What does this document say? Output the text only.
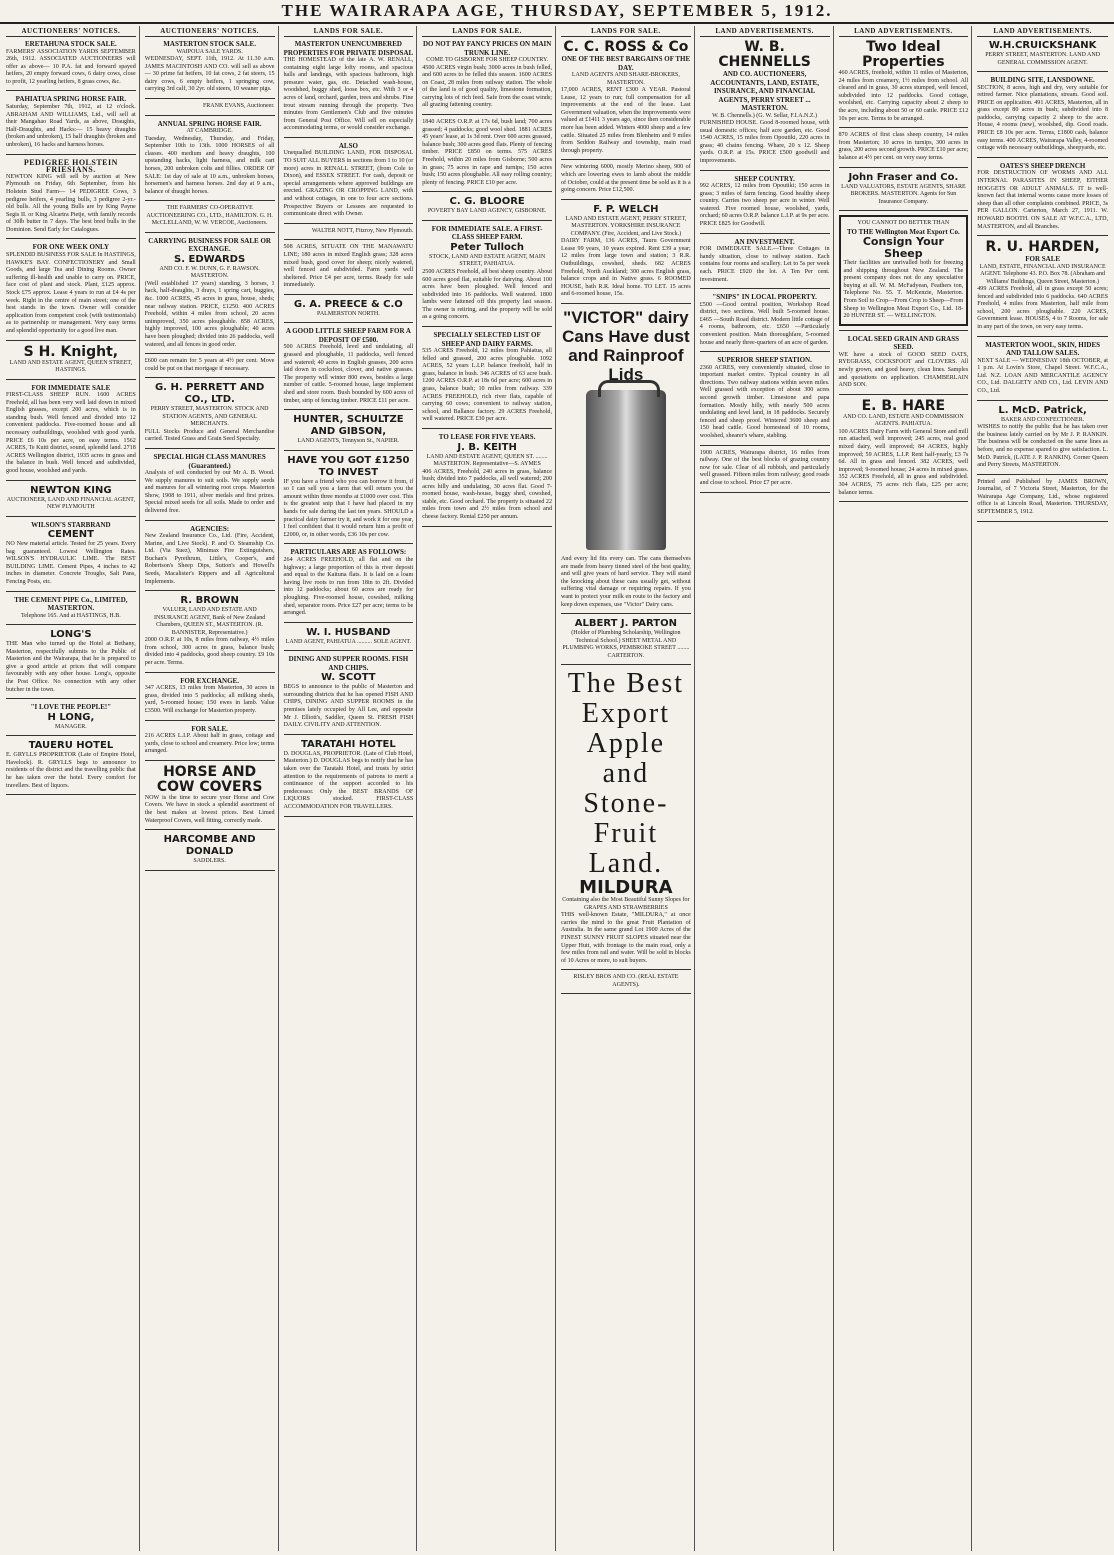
THE WAIRARAPA AGE, THURSDAY, SEPTEMBER 5, 1912.
AUCTIONEERS' NOTICES.
ERETAHUNA STOCK SALE.
FARMERS' ASSOCIATION YARDS SEPTEMBER 26th, 1912. ASSOCIATED AUCTIONEERS will offer as above— 10 P.A. fat and forward spayed heifers, 20 empty forward cows, 6 dairy cows, close to profit, 12 yearling heifers, 8 grass cows, &c.
PAHIATUA SPRING HORSE FAIR.
Saturday, September 7th, 1912, at 12 o'clock. ABRAHAM AND WILLIAMS, Ltd., will sell at their Mangahao Road Yards, as above, Draughts, Half-Draughts, and Hacks:— 15 heavy draughts (broken and unbroken), 15 half draughts (broken and unbroken), 16 hacks and harness horses.
PEDIGREE HOLSTEIN FRIESIANS.
NEWTON KING will sell by auction at New Plymouth on Friday, 6th September, from his Holstein Stud Farm— 14 PEDIGREE Cows, 3 pedigree heifers, 4 yearling bulls, 3 pedigree 2-yr.-old bulls. All the young Bulls are by King Payne Segis II. or King Alcartra Pietje, with family records of 30lb butter in 7 days. The best bred bulls in the Dominion. Send Early for Catalogues.
FOR ONE WEEK ONLY
SPLENDID BUSINESS FOR SALE In HASTINGS, HAWKE'S BAY. CONFECTIONERY and Small Goods, and large Tea and Dining Rooms. Owner suffering ill-health and unable to carry on. PRICE, face cost of plant and stock. Plant, £125 approx. Stock £75 approx. Lease 4 years to run at £4 4s per week. Right in the centre of main street; one of the best stands in the town. Owner will consider application from competent cook (with testimonials) as to partnership or management. Very easy terms and splendid opportunity for a good live man.
S H. Knight,
LAND AND ESTATE AGENT, QUEEN STREET, HASTINGS.
FOR IMMEDIATE SALE
FIRST-CLASS SHEEP RUN. 1600 ACRES Freehold, all has been very well laid down in mixed English grasses, except 200 acres, which is in standing bush. Well fenced and divided into 12 convenient paddocks. Five-roomed house and all necessary outbuildings, woolshed with good yards. PRICE £6 10s per acre, on easy terms. 1562 ACRES, Te Kuiti district, sound, splendid land. 2718 ACRES Wellington district, 1935 acres in grass and the balance in bush. Well fenced and subdivided, good house, woolshed and yards.
NEWTON KING
AUCTIONEER, LAND AND FINANCIAL AGENT, NEW PLYMOUTH
WILSON'S STARBRAND
CEMENT
NO New material article. Tested for 25 years. Every bag guaranteed. Lowest Wellington Rates. WILSON'S HYDRAULIC LIME. The BEST BUILDING LIME. Cement Pipes, 4 inches to 42 inches in diameter. Concrete Troughs, Salt Pans, Fencing Posts, etc.
THE CEMENT PIPE Co., LIMITED, MASTERTON.
Telephone 165. And at HASTINGS, H.B.
LONG'S
THE Man who turned up the Hotel at Bethany, Masterton, respectfully submits to the Public of Masterton and the Wairarapa, that he is prepared to give a good article at prices that will compare favourably with any other house. Long's, opposite the Post Office. No connection with any other butcher in the town.
"I LOVE THE PEOPLE!"
H LONG,
MANAGER.
TAUERU HOTEL
E. GRYLLS PROPRIETOR (Late of Empire Hotel, Havelock). R. GRYLLS begs to announce to residents of the district and the travelling public that he has taken over the hotel. Every comfort for travellers. Best of liquors.
AUCTIONEERS' NOTICES.
MASTERTON STOCK SALE.
WAIPOUA SALE YARDS.
WEDNESDAY, SEPT. 11th, 1912. At 11.30 a.m. JAMES MACINTOSH AND CO. will sell as above— 30 prime fat heifers, 10 fat cows, 2 fat steers, 15 dairy cows, 6 empty heifers, 1 springing cow, carrying 3rd calf, 30 2yr. old steers, 10 weaner pigs.
FRANK EVANS, Auctioneer.
ANNUAL SPRING HORSE FAIR.
AT CAMBRIDGE.
Tuesday, Wednesday, Thursday, and Friday, September 10th to 13th. 1000 HORSES of all classes. 400 medium and heavy draughts, 100 upstanding hacks, light harness, and milk cart horses, 200 unbroken colts and fillies. ORDER OF SALE: 1st day of sale at 10 a.m., unbroken horses, horsemen's and harness horses. 2nd day at 9 a.m., balance of draught horses.
THE FARMERS' CO-OPERATIVE AUCTIONEERING CO., LTD., HAMILTON. G. H. McCLELLAND, W. W. VERCOE, Auctioneers.
CARRYING BUSINESS FOR SALE OR EXCHANGE.
S. EDWARDS
AND CO. F. W. DUNN, G. F. RAWSON. MASTERTON.
(Well established 17 years) standing, 3 horses, 1 hack, half-draughts, 3 drays, 1 spring cart, buggies, &c. 1000 ACRES, 45 acres in grass, house, sheds; near railway station. PRICE, £1250. 400 ACRES Freehold, within 4 miles from school, 20 acres unimproved, 350 acres ploughable. 858 ACRES, highly improved, 100 acres ploughable; 40 acres have been ploughed; divided into 26 paddocks, well watered, and all fences in good order.
£600 can remain for 5 years at 4½ per cent. Move could be put on that mortgage if necessary.
G. H. PERRETT AND CO., LTD.
PERRY STREET, MASTERTON. STOCK AND STATION AGENTS, AND GENERAL MERCHANTS.
FULL Stocks Produce and General Merchandise carried. Tested Grass and Grain Seed Specialty.
SPECIAL HIGH CLASS MANURES (Guaranteed.)
Analysis of soil conducted by our Mr A. B. Wood. We supply manures to suit soils. We supply seeds and manures for all wintering root crops. Masterton Show, 1908 to 1911, silver medals and first prizes. Special mixed seeds for all soils. Made to order and delivered free.
AGENCIES:
New Zealand Insurance Co., Ltd. (Fire, Accident, Marine, and Live Stock). P. and O. Steamship Co. Ltd. (Via Suez), Minimax Fire Extinguishers, Buchan's Pyrethrum, Little's, Cooper's, and Robertson's Sheep Dips, Sutton's and Howell's Seeds, Macalister's Rippers and all Agricultural Implements.
R. BROWN
VALUER, LAND AND ESTATE AND INSURANCE AGENT, Bank of New Zealand Chambers, QUEEN ST., MASTERTON. (R. BANNISTER, Representative.)
2000 O.R.P. at 10s, 8 miles from railway, 4½ miles from school, 300 acres in grass, balance bush; divided into 4 paddocks, good sheep country. £9 10s per acre. Terms.
FOR EXCHANGE.
347 ACRES, 13 miles from Masterton, 30 acres in grass, divided into 5 paddocks; all milking sheds, yard, 5-roomed house; 150 ewes in lamb. Value £3500. Will exchange for Masterton property.
FOR SALE.
216 ACRES L.I.P. About half in grass, cottage and yards, close to school and creamery. Price low; terms arranged.
HORSE AND COW COVERS
NOW is the time to secure your Horse and Cow Covers. We have in stock a splendid assortment of the best makes at lowest prices. Best Limed Waterproof Covers, well fitting, correctly made.
HARCOMBE AND DONALD
SADDLERS.
LANDS FOR SALE.
MASTERTON UNENCUMBERED PROPERTIES FOR PRIVATE DISPOSAL
THE HOMESTEAD of the late A. W. RENALL, containing eight large lofty rooms, and spacious halls and landings, with spacious bathroom, high pressure water, gas, etc. Detached wash-house, woodshed, buggy shed, loose box, etc. With 3 or 4 acres of land, orchard, garden, trees and shrubs. Fine trout stream running through the property. Two minutes from Gentlemen's Club and five minutes from General Post Office. Will sell on especially accommodating terms, or would consider exchange.
ALSO
Unequalled BUILDING LAND, FOR DISPOSAL TO SUIT ALL BUYERS in sections from 1 to 10 (or more) acres in RENALL STREET, (from Cole to Dixon), and ESSEX STREET. For cash, deposit or special arrangements where approved buildings are erected. GRAZING OR CROPPING LAND, with and without cottages, in one to four acre sections. Prospective Buyers or Lessees are requested to communicate direct with Owner.
WALTER NOTT, Fitzroy, New Plymouth.
508 ACRES, SITUATE ON THE MANAWATU LINE; 180 acres in mixed English grass; 328 acres mixed bush, good cover for sheep; nicely watered, well fenced and subdivided. Farm yards well sheltered. Price £4 per acre, terms. Ready for sale immediately.
G. A. PREECE & C.O
PALMERSTON NORTH.
A GOOD LITTLE SHEEP FARM FOR A DEPOSIT OF £500.
500 ACRES Freehold, level and undulating, all grassed and ploughable, 11 paddocks, well fenced and watered; 40 acres in English grasses, 200 acres laid down in cocksfoot, clover, and native grasses. The property will winter 800 ewes, besides a large number of cattle. 5-roomed house, large implement shed and store room. Bush bounded by 600 acres of timber, strip of fencing timber. PRICE £11 per acre.
HUNTER, SCHULTZE AND GIBSON,
LAND AGENTS, Tennyson St., NAPIER.
HAVE YOU GOT £1250 TO INVEST
IF you have a friend who you can borrow it from, if so I can sell you a farm that will return you the amount within three months at £1000 over cost. This is the greatest snip that I have had placed in my hands for sale during the last ten years. SHOULD a practical dairy farmer try it, and work it for one year, I feel confident that it would return him a profit of £2000, or, in other words, £36 10s per cow.
PARTICULARS ARE AS FOLLOWS:
264 ACRES FREEHOLD, all flat and on the highway; a large proportion of this is river deposit and equal to the Kaituna flats. It is laid on a loam having live roots to run from 18in to 2ft. Divided into 12 paddocks; about 60 acres are ready for ploughing. Five-roomed house, cowshed, milking shed, separator room. Price £27 per acre; terms to be arranged.
W. I. HUSBAND
LAND AGENT, PAHIATUA .......... SOLE AGENT.
DINING AND SUPPER ROOMS. FISH AND CHIPS.
W. SCOTT
BEGS to announce to the public of Masterton and surrounding districts that he has opened FISH AND CHIPS, DINING AND SUPPER ROOMS in the premises lately occupied by All Lee, and opposite Mr J. Elliott's, Saddler, Queen St. FRESH FISH DAILY. CIVILITY AND ATTENTION.
TARATAHI HOTEL
D. DOUGLAS, PROPRIETOR. (Late of Club Hotel, Masterton.) D. DOUGLAS begs to notify that he has taken over the Taratahi Hotel, and trusts by strict attention to the requirements of patrons to merit a continuance of the support accorded to his predecessor. Only the BEST BRANDS OF LIQUORS stocked. FIRST-CLASS ACCOMMODATION FOR TRAVELLERS.
LANDS FOR SALE.
DO NOT PAY FANCY PRICES ON MAIN TRUNK LINE.
COME TO GISBORNE FOR SHEEP COUNTRY.
4500 ACRES virgin bush; 3000 acres in bush felled, and 600 acres to be felled this season. 1600 ACRES on Coast, 28 miles from railway station. The whole of the land is of good quality, limestone formation, carrying lots of rich feed. Safe from the coast winds; all grazing fattening country.
1840 ACRES O.R.P. at 17s 6d, bush land; 700 acres grassed; 4 paddocks; good wool shed. 1881 ACRES 45 years' lease, at 1s 3d rent. Over 600 acres grassed, balance bush; 300 acres good flats. Plenty of fencing timber. PRICE £850 on terms. 575 ACRES Freehold, within 20 miles from Gisborne; 500 acres in grass; 75 acres in rape and turnips; 150 acres bush; 150 acres ploughable. All easy rolling country; plenty of fencing. PRICE £10 per acre.
C. G. BLOORE
POVERTY BAY LAND AGENCY, GISBORNE.
FOR IMMEDIATE SALE. A FIRST-CLASS SHEEP FARM.
Peter Tulloch
STOCK, LAND AND ESTATE AGENT, MAIN STREET, PAHIATUA.
2500 ACRES Freehold, all best sheep country. About 600 acres good flat, suitable for dairying. About 100 acres have been ploughed. Well fenced and subdivided into 16 paddocks. Well watered. 1800 lambs were fattened off this property last season. The owner is retiring, and the property will be sold as a going concern.
SPECIALLY SELECTED LIST OF SHEEP AND DAIRY FARMS.
535 ACRES Freehold, 12 miles from Pahiatua, all felled and grassed, 200 acres ploughable. 1092 ACRES, 52 years L.I.P. balance freehold, half in grass, balance in bush. 346 ACRES of 63 acre bush. 1200 ACRES O.R.P. at 18s 6d per acre; 600 acres in grass, balance bush; 10 miles from railway. 339 ACRES FREEHOLD, rich river flats, capable of carrying 60 cows; convenient to railway station, school, and Ballance factory. 29 ACRES Freehold, well watered. PRICE £30 per acre.
TO LEASE FOR FIVE YEARS.
J. B. KEITH
LAND AND ESTATE AGENT, QUEEN ST. ........ MASTERTON. Representative—S. AYMES
406 ACRES, Freehold, 240 acres in grass, balance bush; divided into 7 paddocks, all well watered; 200 acres hilly and undulating, 30 acres flat. Good 7-roomed house, wash-house, buggy shed, cowshed, stable, etc. Good orchard. The property is situated 22 miles from town and 2½ miles from school and cheese factory. Rental £250 per annum.
LANDS FOR SALE.
C. C. ROSS & Co
ONE OF THE BEST BARGAINS OF THE DAY.
LAND AGENTS AND SHARE-BROKERS, MASTERTON.
17,000 ACRES, RENT £300 A YEAR. Pastoral Lease, 12 years to run; full compensation for all improvements at the end of the lease. Last Government valuation, when the improvements were valued at £1411 3 years ago, since then considerable more has been added. Winters 4000 sheep and a few cattle. Situated 25 miles from Blenheim and 9 miles from Seddon Railway and township, main road through property.
New wintering 6000, mostly Merino sheep, 900 of which are lowering ewes to lamb about the middle of October, could at the present time be sold as it is a going concern. Price £12,500.
F. P. WELCH
LAND AND ESTATE AGENT, PERRY STREET, MASTERTON. YORKSHIRE INSURANCE COMPANY. (Fire, Accident, and Live Stock.)
DAIRY FARM, 136 ACRES, Tauru Government Lease 99 years, 10 years expired. Rent £39 a year; 12 miles from large town and station; 3 R.R. Outbuildings, cowshed, sheds. 682 ACRES Freehold, North Auckland; 300 acres English grass, balance crops and in Native grass. 6 ROOMED HOUSE, bath R.R. Ideal home. TO LET. 15 acres and 6-roomed house, 15s.
"VICTOR" dairy Cans Have dust and Rainproof Lids
And every lid fits every can. The cans themselves are made from heavy tinned steel of the best quality, and will give years of hard service. They will stand the knocking about these cans usually get, without suffering vital damage or requiring repairs. If you want to protect your milk en route to the factory and keep down expenses, use "Victor" Dairy cans.
ALBERT J. PARTON
(Holder of Plumbing Scholarship, Wellington Technical School.) SHEET METAL AND PLUMBING WORKS, PEMBROKE STREET ........ CARTERTON.
The Best Export Apple and Stone-Fruit Land.
MILDURA
Containing also the Most Beautiful Sunny Slopes for GRAPES AND STRAWBERRIES
THIS well-known Estate, "MILDURA," at once carries the mind to the great Fruit Plantation of Australia. In the same grand Lot 1900 Acres of the FINEST SUNNY FRUIT SLOPES situated near the Upper Hutt, with frontage to the main road, only a few miles from rail and water. Will be sold in blocks of 10 Acres or more, to suit buyers.
RISLEY BROS AND CO. (REAL ESTATE AGENTS).
LAND ADVERTISEMENTS.
W. B. CHENNELLS
AND CO. AUCTIONEERS, ACCOUNTANTS, LAND, ESTATE, INSURANCE, AND FINANCIAL AGENTS, PERRY STREET ... MASTERTON.
W. B. Chennells.) (G. W. Sellar, F.I.A.N.Z.)
FURNISHED HOUSE. Good 8-roomed house, with usual domestic offices; half acre garden, etc. Good 1540 ACRES, 15 miles from Opoutiki, 220 acres in grass; 40 chains fencing. Whare, 20 x 12. Sheep yards. O.R.P. at 15s. PRICE £500 goodwill and improvements.
SHEEP COUNTRY.
992 ACRES, 12 miles from Opoutiki; 150 acres in grass; 3 miles of farm fencing. Good healthy sheep country. Carries two sheep per acre in winter. Well watered. Five roomed house, woolshed, yards, orchard; 60 acres O.R.P. balance L.I.P. at 9s per acre. PRICE £825 for Goodwill.
AN INVESTMENT.
FOR IMMEDIATE SALE.—Three Cottages in handy situation, close to railway station. Each contains four rooms and scullery. Let to 5s per week each. PRICE £920 the lot. A Ten Per cent. investment.
"SNIPS" IN LOCAL PROPERTY.
£500 —Good central position, Workshop Road district, two sections. Well built 5-roomed house. £465 —South Road district. Modern little cottage of 4 rooms, bathroom, etc. £650 —Particularly convenient position. Main thoroughfare, 5-roomed house and nearly three-quarters of an acre of garden.
SUPERIOR SHEEP STATION.
2360 ACRES, very conveniently situated, close to important market centre. Typical country in all directions. Two railway stations within seven miles. Well grassed with exception of about 300 acres second growth timber. Limestone and papa formation. Mostly hilly, with nearly 500 acres undulating and level land, in 18 paddocks. Securely fenced and sheep proof. Wintered 3600 sheep and 150 head cattle. Good homestead of 10 rooms, woolshed, shearer's whare, stabling.
1900 ACRES, Wairarapa district, 16 miles from railway. One of the best blocks of grazing country now for sale. Clear of all rubbish, and particularly well grassed. Fifteen miles from railway; good roads and close to school. Price £7 per acre.
LAND ADVERTISEMENTS.
Two Ideal Properties
460 ACRES, freehold, within 11 miles of Masterton, 24 miles from creamery, 1½ miles from school. All cleared and in grass, 30 acres stumped, well fenced, subdivided into 12 paddocks. Good cottage, woolshed, etc. Carrying capacity about 2 sheep to the acre, including about 50 or 60 cattle. PRICE £12 10s per acre. Terms to be arranged.
870 ACRES of first class sheep country, 14 miles from Masterton; 10 acres in turnips, 300 acres in grass, 200 acres second growth. PRICE £10 per acre; balance at 4½ per cent. on very easy terms.
John Fraser and Co.
LAND VALUATORS, ESTATE AGENTS, SHARE BROKERS. MASTERTON. Agents for Sun Insurance Company.
YOU CANNOT DO BETTER THAN
TO THE Wellington Meat Export Co.
Consign Your Sheep
Their facilities are unrivalled both for freezing and shipping throughout New Zealand. The present company does not do any speculative buying at all. W. M. McFadyean, Feathers ton, Telephone No. 55. T. McKenzie, Masterton. From Soil to Crop—From Crop to Sheep—From Sheep to Wellington Meat Export Co., Ltd. 18-20 HUNTER ST. — WELLINGTON.
LOCAL SEED GRAIN AND GRASS SEED.
WE have a stock of GOOD SEED OATS, RYEGRASS, COCKSFOOT and CLOVERS. All newly grown, and good heavy, clean lines. Samples and quotations on application. CHAMBERLAIN AND SON.
E. B. HARE
AND CO. LAND, ESTATE AND COMMISSION AGENTS. PAHIATUA.
100 ACRES Dairy Farm with General Store and mill run attached, well improved; 245 acres, real good mixed dairy, well improved; 84 ACRES, highly improved; 59 ACRES, L.I.P. Rent half-yearly, £3 7s 6d. All in grass and fenced. 382 ACRES, well improved; 9-roomed house; 24 acres in mixed grass. 352 ACRES Freehold, all in grass and subdivided. 304 ACRES, 75 acres rich flats, £25 per acre; balance terms.
LAND ADVERTISEMENTS.
W.H.CRUICKSHANK
PERRY STREET, MASTERTON. LAND AND GENERAL COMMISSION AGENT.
BUILDING SITE, LANSDOWNE.
SECTION, 8 acres, high and dry, very suitable for retired farmer. Nice plantations, stream. Good soil. PRICE on application. 491 ACRES, Masterton, all in grass except 80 acres in bush; subdivided into 8 paddocks, carrying capacity 2 sheep to the acre. House, 4 rooms (new), woolshed, dip. Good roads. PRICE £8 10s per acre. Terms, £1800 cash, balance easy terms. 400 ACRES, Wairarapa Valley, 4-roomed cottage with necessary outbuildings, sheepyards, etc.
OATES'S SHEEP DRENCH
FOR DESTRUCTION OF WORMS AND ALL INTERNAL PARASITES IN SHEEP, EITHER HOGGETS OR ADULT ANIMALS. IT is well-known fact that internal worms cause more losses of sheep than all other complaints combined. PRICE, 3s PER GALLON. Carterton, March 27, 1911. W. HOWARD BOOTH. ON SALE AT W.F.C.A., LTD, MASTERTON, and all Branches.
R. U. HARDEN,
FOR SALE
LAND, ESTATE, FINANCIAL AND INSURANCE AGENT. Telephone 43. P.O. Box 78. (Abraham and Williams' Buildings, Queen Street, Masterton.)
499 ACRES Freehold, all in grass except 50 acres; fenced and subdivided into 6 paddocks. 640 ACRES Freehold, 4 miles from Masterton, half mile from school, 200 acres ploughable. 220 ACRES, Government lease. HOUSES, 4 to 7 Rooms, for sale in any part of the town, on very easy terms.
MASTERTON WOOL, SKIN, HIDES AND TALLOW SALES.
NEXT SALE — WEDNESDAY 18th OCTOBER, at 1 p.m. At Lovin's Store, Chapel Street. W.F.C.A., Ltd. N.Z. LOAN AND MERCANTILE AGENCY CO., Ltd. DALGETY AND CO., Ltd. LEVIN AND CO., Ltd.
L. McD. Patrick,
BAKER AND CONFECTIONER.
WISHES to notify the public that he has taken over the business lately carried on by Mr J. P. RANKIN. The business will be conducted on the same lines as before, and no expense spared to give satisfaction. L. McD. Patrick, (LATE J. P. RANKIN). Corner Queen and Perry Streets, MASTERTON.
Printed and Published by JAMES BROWN, Journalist, of 7 Victoria Street, Masterton, for the Wairarapa Age Company, Ltd., whose registered office is at Lincoln Road, Masterton. THURSDAY, SEPTEMBER 5, 1912.
